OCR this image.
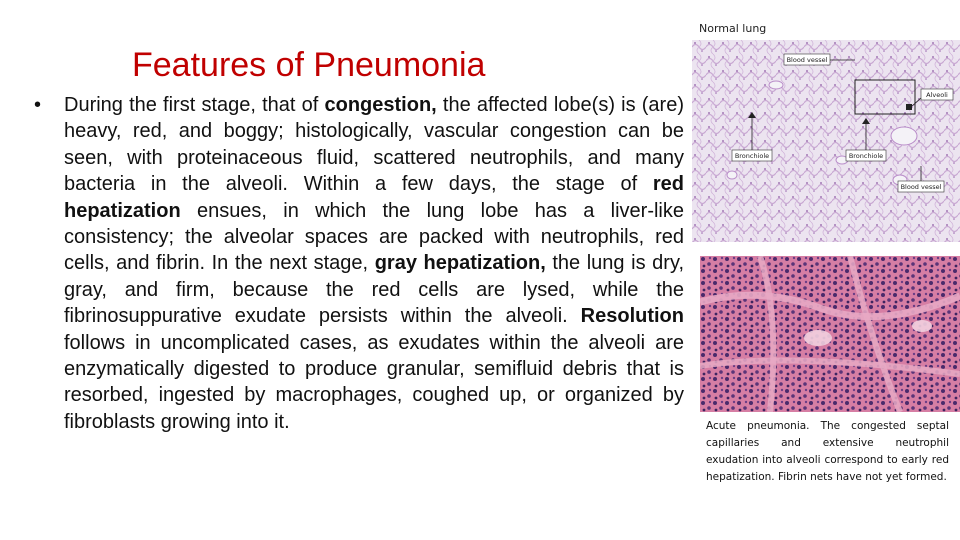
Features of Pneumonia
•	During the first stage, that of congestion, the affected lobe(s) is (are) heavy, red, and boggy; histologically, vascular congestion can be seen, with proteinaceous fluid, scattered neutrophils, and many bacteria in the alveoli. Within a few days, the stage of red hepatization ensues, in which the lung lobe has a liver-like consistency; the alveolar spaces are packed with neutrophils, red cells, and fibrin. In the next stage, gray hepatization, the lung is dry, gray, and firm, because the red cells are lysed, while the fibrinosuppurative exudate persists within the alveoli. Resolution follows in uncomplicated cases, as exudates within the alveoli are enzymatically digested to produce granular, semifluid debris that is resorbed, ingested by macrophages, coughed up, or organized by fibroblasts growing into it.
Normal lung
Blood vessel
Alveoli
Bronchiole	Bronchiole
Blood vessel
Acute pneumonia. The congested septal capillaries and extensive neutrophil exudation into alveoli correspond to early red hepatization. Fibrin nets have not yet formed.
